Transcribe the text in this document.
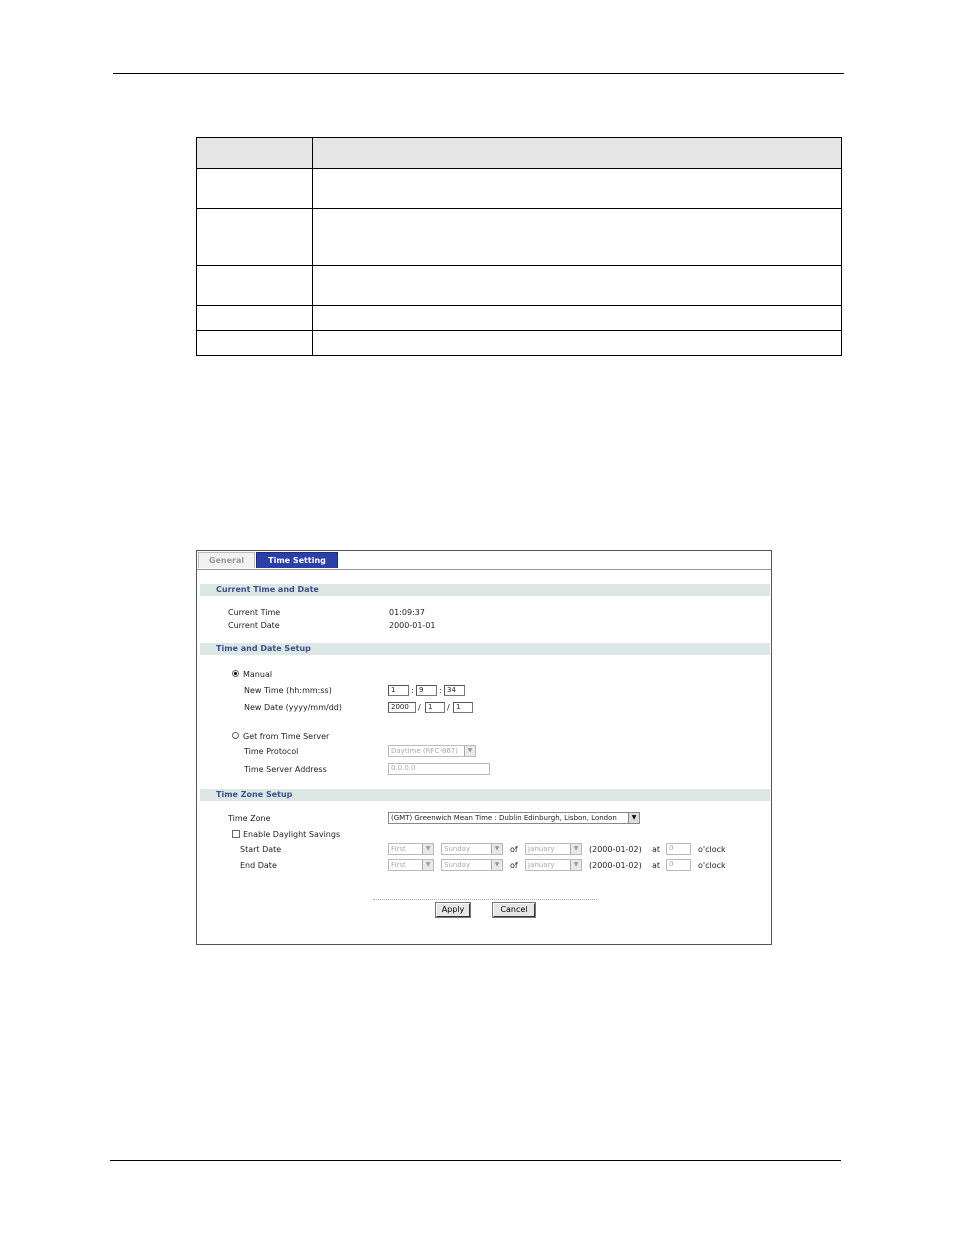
General	Time Setting
Current Time and Date
Current Time	01:09:37
Current Date	2000-01-01
Time and Date Setup
Manual
New Time (hh:mm:ss)	1	: 9	: 34
New Date (yyyy/mm/dd)	2000	/	1	/ 1
Get from Time Server
Time Protocol	Daytime (RFC-867)	▼
Time Server Address	0.0.0.0
Time Zone Setup
Time Zone	(GMT) Greenwich Mean Time : Dublin Edinburgh, Lisbon, London	▼
Enable Daylight Savings
Start Date	First	▼	Sunday	▼	of	January	▼	(2000-01-02) at	0	o'clock
End Date	First	▼	Sunday	▼	of	January	▼	(2000-01-02) at	0	o'clock
Apply	Cancel
